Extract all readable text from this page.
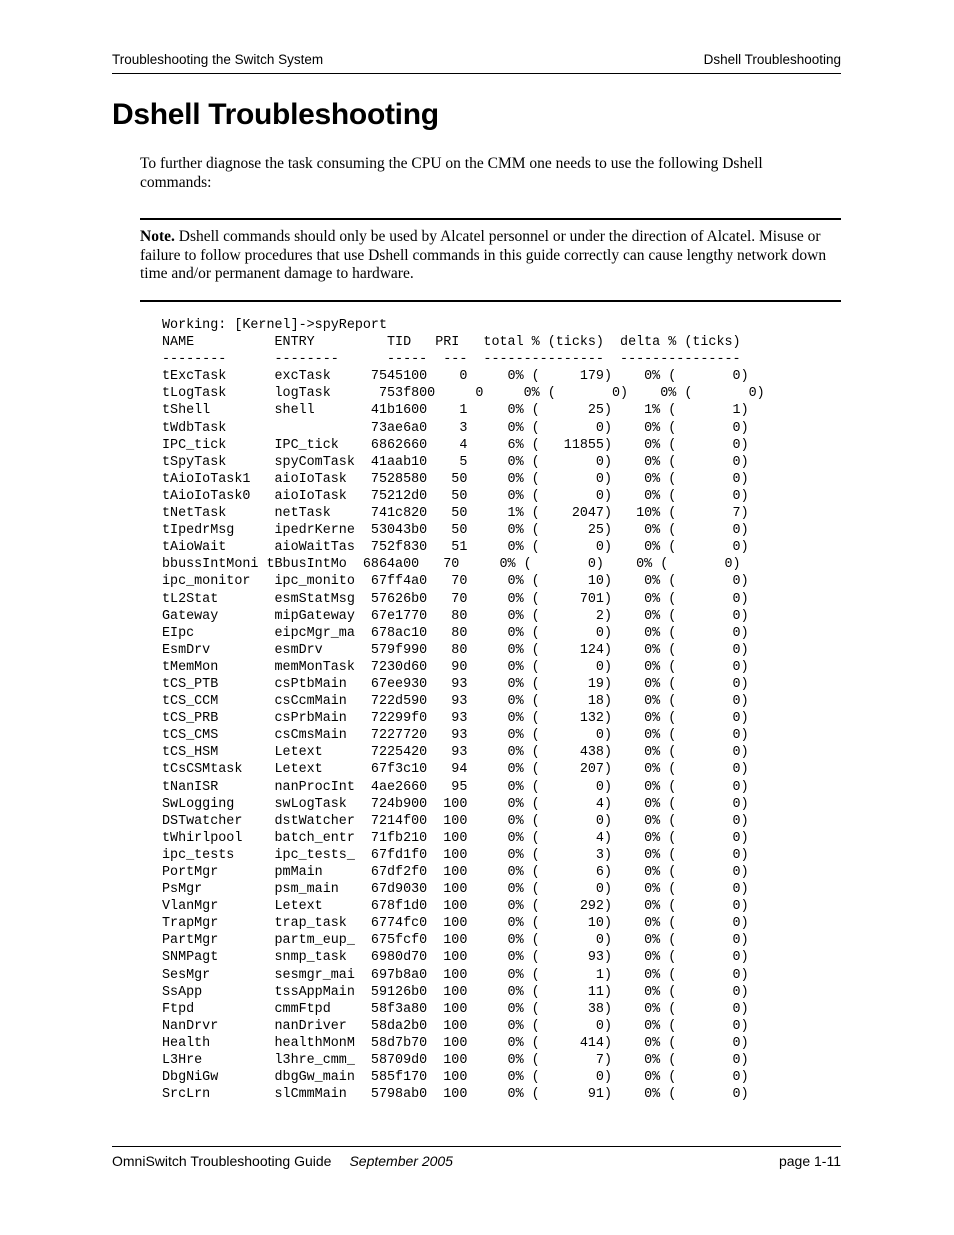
Troubleshooting the Switch System	Dshell Troubleshooting
Dshell Troubleshooting

To further diagnose the task consuming the CPU on the CMM one needs to use the following Dshell commands:

Note. Dshell commands should only be used by Alcatel personnel or under the direction of Alcatel. Misuse or failure to follow procedures that use Dshell commands in this guide correctly can cause lengthy network down time and/or permanent damage to hardware.
Working: [Kernel]->spyReport
NAME          ENTRY         TID   PRI   total % (ticks)  delta % (ticks)
--------      --------      -----  ---  ---------------  ---------------
tExcTask      excTask     7545100    0     0% (     179)    0% (       0)
tLogTask      logTask      753f800     0     0% (       0)    0% (       0)
tShell        shell       41b1600    1     0% (      25)    1% (       1)
tWdbTask                  73ae6a0    3     0% (       0)    0% (       0)
IPC_tick      IPC_tick    6862660    4     6% (   11855)    0% (       0)
tSpyTask      spyComTask  41aab10    5     0% (       0)    0% (       0)
tAioIoTask1   aioIoTask   7528580   50     0% (       0)    0% (       0)
tAioIoTask0   aioIoTask   75212d0   50     0% (       0)    0% (       0)
tNetTask      netTask     741c820   50     1% (    2047)   10% (       7)
tIpedrMsg     ipedrKerne  53043b0   50     0% (      25)    0% (       0)
tAioWait      aioWaitTas  752f830   51     0% (       0)    0% (       0)
bbussIntMoni tBbusIntMo  6864a00   70     0% (       0)    0% (       0)
ipc_monitor   ipc_monito  67ff4a0   70     0% (      10)    0% (       0)
tL2Stat       esmStatMsg  57626b0   70     0% (     701)    0% (       0)
Gateway       mipGateway  67e1770   80     0% (       2)    0% (       0)
EIpc          eipcMgr_ma  678ac10   80     0% (       0)    0% (       0)
EsmDrv        esmDrv      579f990   80     0% (     124)    0% (       0)
tMemMon       memMonTask  7230d60   90     0% (       0)    0% (       0)
tCS_PTB       csPtbMain   67ee930   93     0% (      19)    0% (       0)
tCS_CCM       csCcmMain   722d590   93     0% (      18)    0% (       0)
tCS_PRB       csPrbMain   72299f0   93     0% (     132)    0% (       0)
tCS_CMS       csCmsMain   7227720   93     0% (       0)    0% (       0)
tCS_HSM       Letext      7225420   93     0% (     438)    0% (       0)
tCsCSMtask    Letext      67f3c10   94     0% (     207)    0% (       0)
tNanISR       nanProcInt  4ae2660   95     0% (       0)    0% (       0)
SwLogging     swLogTask   724b900  100     0% (       4)    0% (       0)
DSTwatcher    dstWatcher  7214f00  100     0% (       0)    0% (       0)
tWhirlpool    batch_entr  71fb210  100     0% (       4)    0% (       0)
ipc_tests     ipc_tests_  67fd1f0  100     0% (       3)    0% (       0)
PortMgr       pmMain      67df2f0  100     0% (       6)    0% (       0)
PsMgr         psm_main    67d9030  100     0% (       0)    0% (       0)
VlanMgr       Letext      678f1d0  100     0% (     292)    0% (       0)
TrapMgr       trap_task   6774fc0  100     0% (      10)    0% (       0)
PartMgr       partm_eup_  675fcf0  100     0% (       0)    0% (       0)
SNMPagt       snmp_task   6980d70  100     0% (      93)    0% (       0)
SesMgr        sesmgr_mai  697b8a0  100     0% (       1)    0% (       0)
SsApp         tssAppMain  59126b0  100     0% (      11)    0% (       0)
Ftpd          cmmFtpd     58f3a80  100     0% (      38)    0% (       0)
NanDrvr       nanDriver   58da2b0  100     0% (       0)    0% (       0)
Health        healthMonM  58d7b70  100     0% (     414)    0% (       0)
L3Hre         l3hre_cmm_  58709d0  100     0% (       7)    0% (       0)
DbgNiGw       dbgGw_main  585f170  100     0% (       0)    0% (       0)
SrcLrn        slCmmMain   5798ab0  100     0% (      91)    0% (       0)
OmniSwitch Troubleshooting Guide September 2005	page 1-11
